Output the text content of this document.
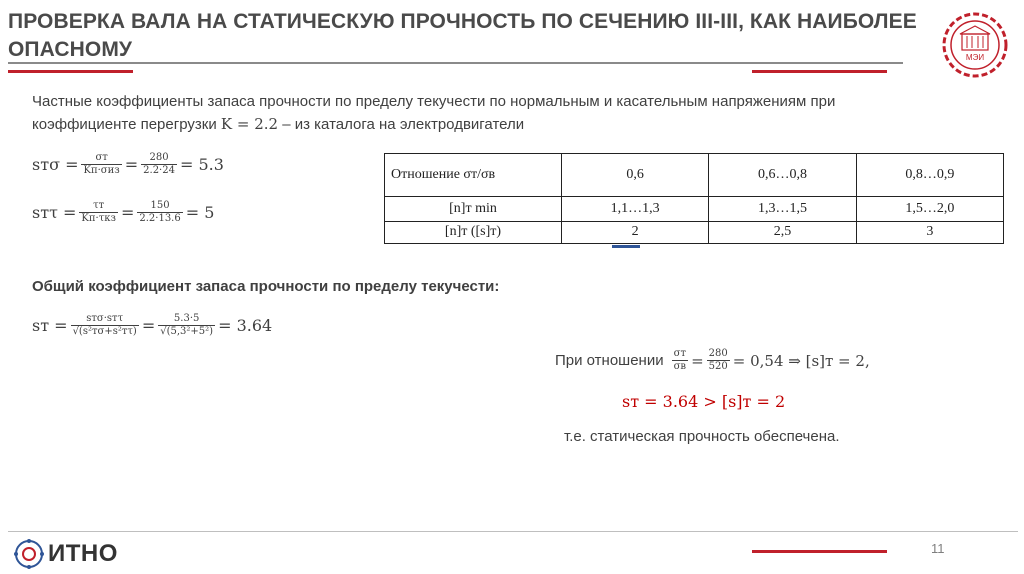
ПРОВЕРКА ВАЛА НА СТАТИЧЕСКУЮ ПРОЧНОСТЬ ПО СЕЧЕНИЮ III-III, КАК НАИБОЛЕЕ ОПАСНОМУ	МЭИ
Частные коэффициенты запаса прочности по пределу текучести по нормальным и касательным напряжениям при коэффициенте перегрузки K = 2.2 – из каталога на электродвигатели
$sт\sigma = \frac{\sigma т}{\text{Kп·σиз}} = \frac{280}{2.2\cdot 24} = 5.3$
$sт\tau = \frac{\tau т}{\text{Kп·τкз}} = \frac{150}{2.2\cdot 13.6} = 5$
Отношение σт/σв	0,6	0,6…0,8	0,8…0,9
[n]т min	1,1…1,3	1,3…1,5	1,5…2,0
[n]т ([s]т)	2	2,5	3
Общий коэффициент запаса прочности по пределу текучести:
sт = $\frac{\text{sтσ·sтτ}}{\text{√(s²тσ+s²тτ)}} = \frac{5.3\cdot 5}{\text{√(5,3²+5²)}} = 3.64$
При отношении $\frac{\sigma т}{\sigma в} = \frac{280}{520} = 0,54$ ⇒ [s]т = 2,
sт = 3.64 > [s]т = 2
т.е. статическая прочность обеспечена.
ИТНО	11
